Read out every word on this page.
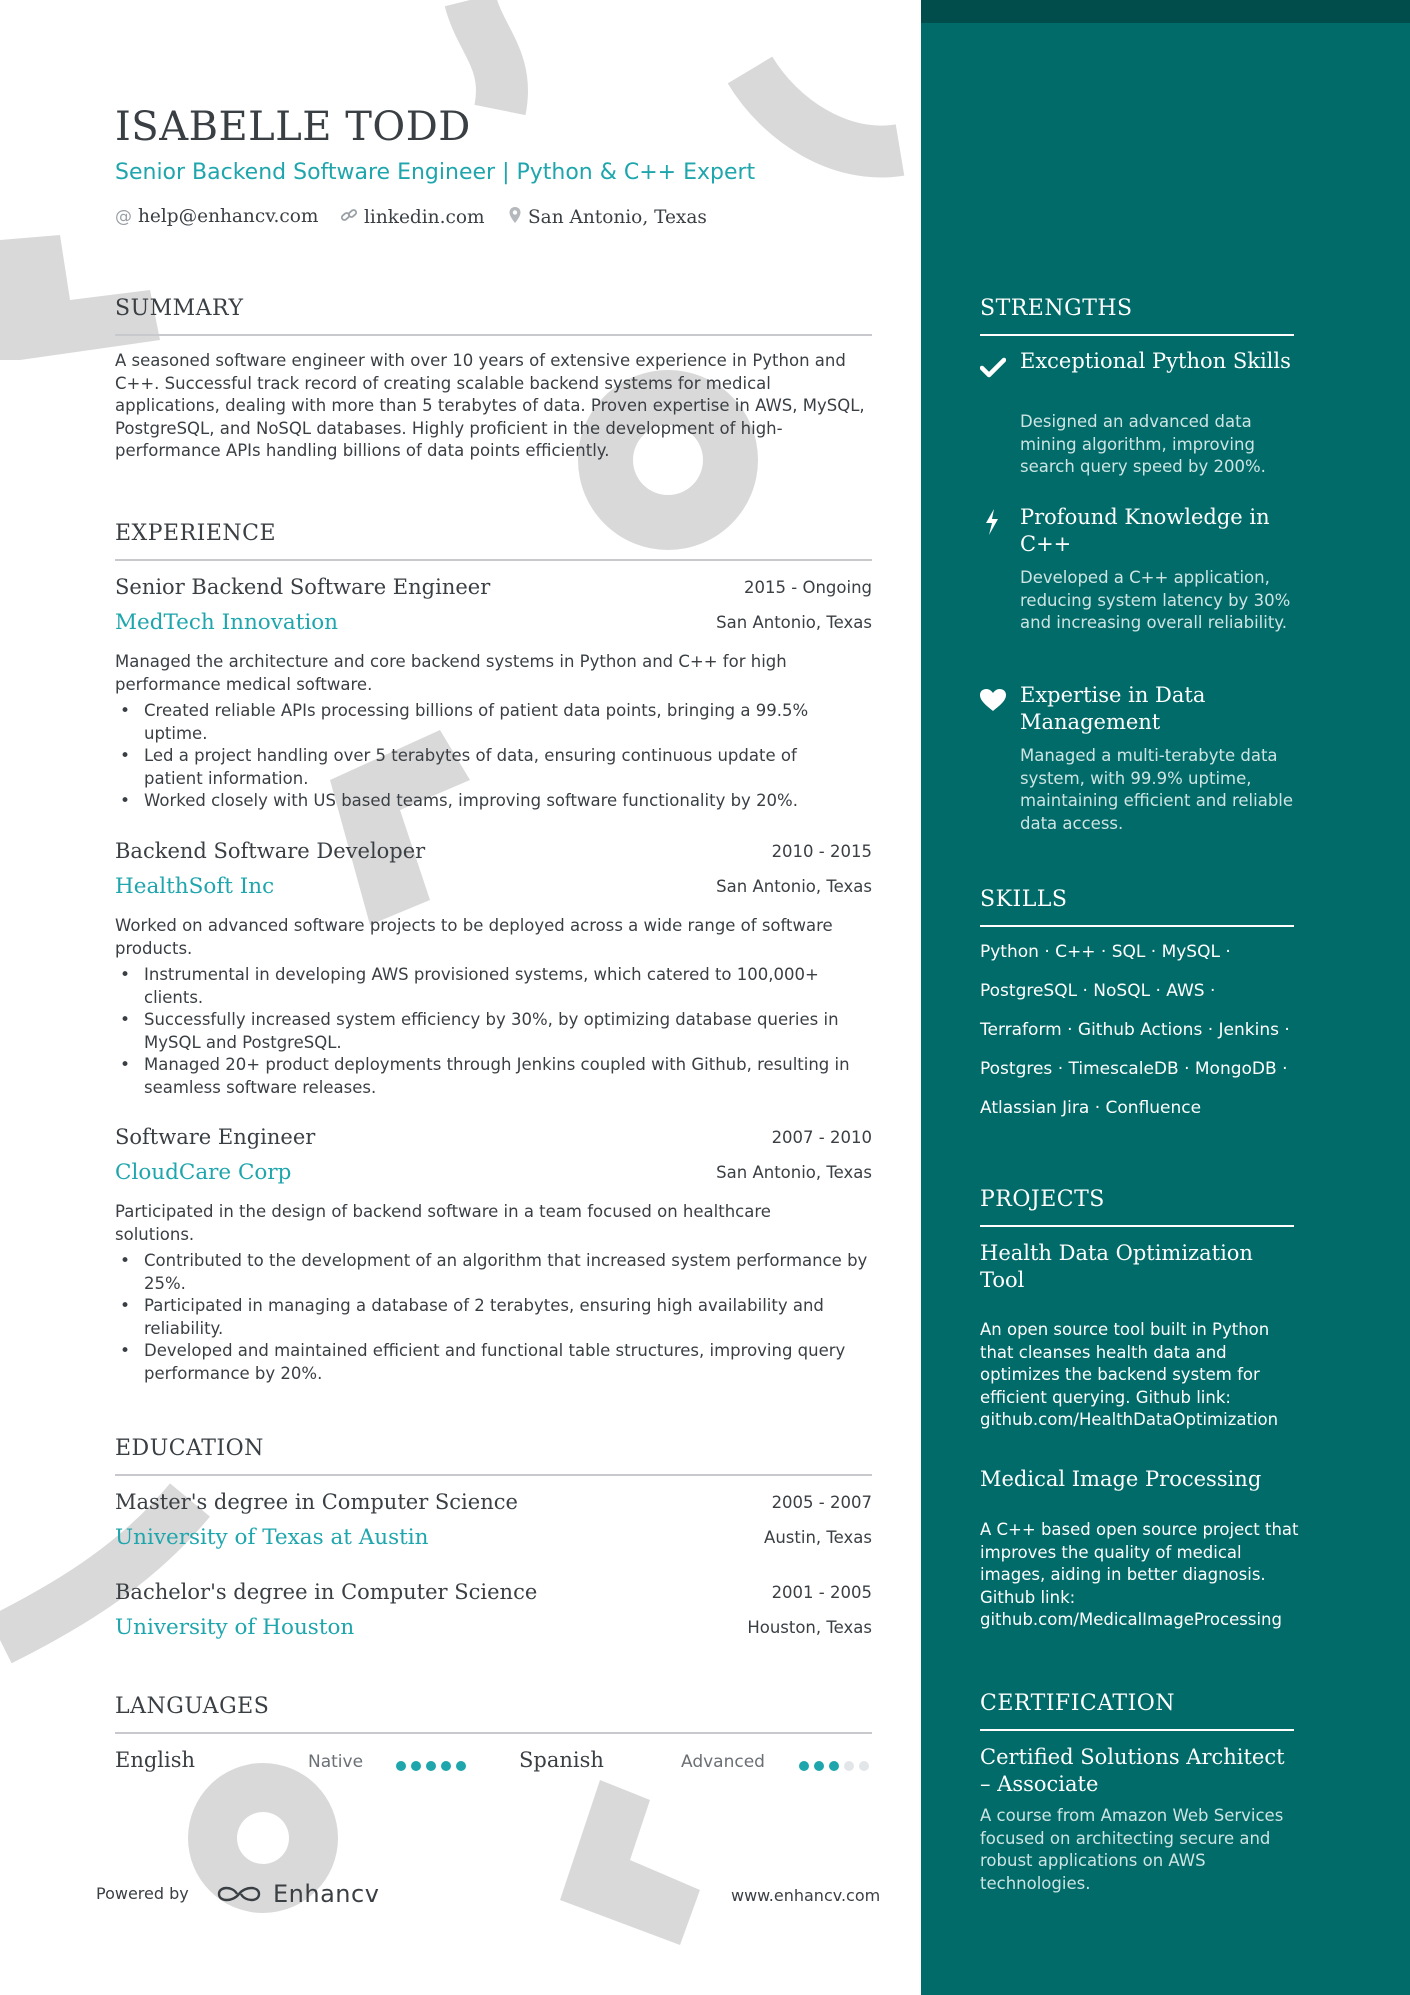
ISABELLE TODD
Senior Backend Software Engineer | Python & C++ Expert
@ help@enhancv.com linkedin.com San Antonio, Texas
SUMMARY
A seasoned software engineer with over 10 years of extensive experience in Python and C++. Successful track record of creating scalable backend systems for medical applications, dealing with more than 5 terabytes of data. Proven expertise in AWS, MySQL, PostgreSQL, and NoSQL databases. Highly proficient in the development of high-performance APIs handling billions of data points efficiently.
EXPERIENCE
Senior Backend Software Engineer	2015 - Ongoing
MedTech Innovation	San Antonio, Texas
Managed the architecture and core backend systems in Python and C++ for high performance medical software.
• Created reliable APIs processing billions of patient data points, bringing a 99.5% uptime.
• Led a project handling over 5 terabytes of data, ensuring continuous update of patient information.
• Worked closely with US based teams, improving software functionality by 20%.
Backend Software Developer	2010 - 2015
HealthSoft Inc	San Antonio, Texas
Worked on advanced software projects to be deployed across a wide range of software products.
• Instrumental in developing AWS provisioned systems, which catered to 100,000+ clients.
• Successfully increased system efficiency by 30%, by optimizing database queries in MySQL and PostgreSQL.
• Managed 20+ product deployments through Jenkins coupled with Github, resulting in seamless software releases.
Software Engineer	2007 - 2010
CloudCare Corp	San Antonio, Texas
Participated in the design of backend software in a team focused on healthcare solutions.
• Contributed to the development of an algorithm that increased system performance by 25%.
• Participated in managing a database of 2 terabytes, ensuring high availability and reliability.
• Developed and maintained efficient and functional table structures, improving query performance by 20%.
EDUCATION
Master's degree in Computer Science	2005 - 2007
University of Texas at Austin	Austin, Texas
Bachelor's degree in Computer Science	2001 - 2005
University of Houston	Houston, Texas
LANGUAGES
English	Native	Spanish	Advanced
Powered by	Enhancv	www.enhancv.com
STRENGTHS
Exceptional Python Skills
Designed an advanced data mining algorithm, improving search query speed by 200%.
Profound Knowledge in C++
Developed a C++ application, reducing system latency by 30% and increasing overall reliability.
Expertise in Data Management
Managed a multi-terabyte data system, with 99.9% uptime, maintaining efficient and reliable data access.
SKILLS
Python · C++ · SQL · MySQL ·
PostgreSQL · NoSQL · AWS ·
Terraform · Github Actions · Jenkins ·
Postgres · TimescaleDB · MongoDB ·
Atlassian Jira · Confluence
PROJECTS
Health Data Optimization Tool
An open source tool built in Python that cleanses health data and optimizes the backend system for efficient querying. Github link: github.com/HealthDataOptimization
Medical Image Processing
A C++ based open source project that improves the quality of medical images, aiding in better diagnosis. Github link: github.com/MedicalImageProcessing
CERTIFICATION
Certified Solutions Architect – Associate
A course from Amazon Web Services focused on architecting secure and robust applications on AWS technologies.
